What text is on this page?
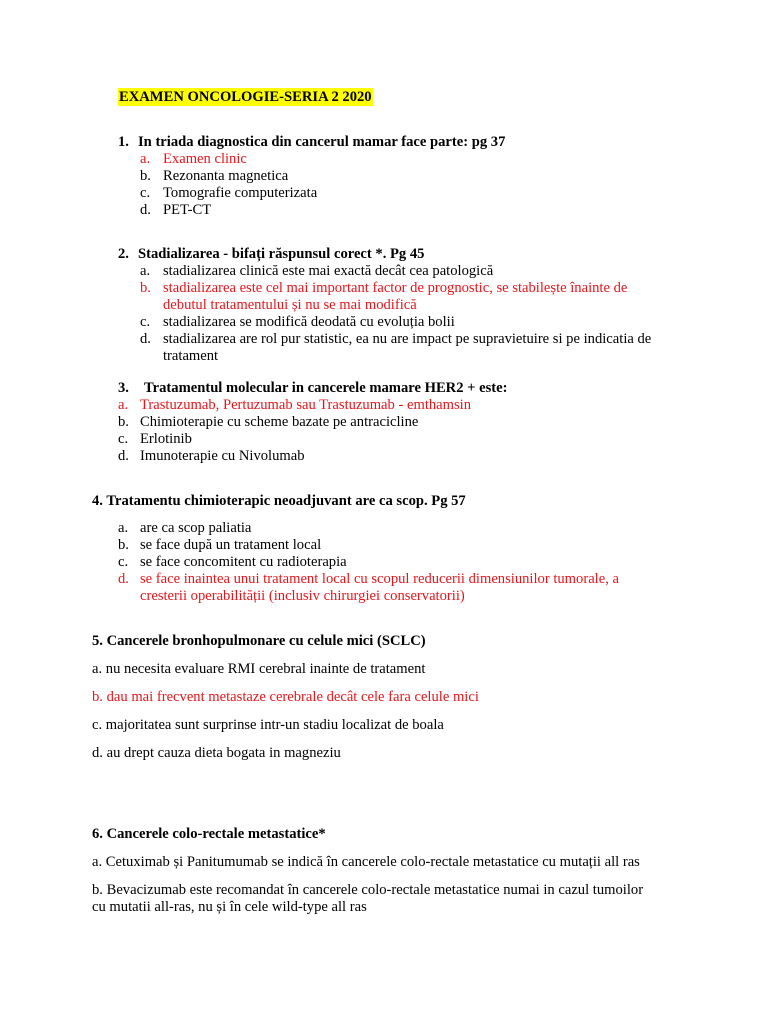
EXAMEN ONCOLOGIE-SERIA 2 2020
1. In triada diagnostica din cancerul mamar face parte: pg 37
a. Examen clinic
b. Rezonanta magnetica
c. Tomografie computerizata
d. PET-CT
2. Stadializarea - bifați răspunsul corect *. Pg 45
a. stadializarea clinică este mai exactă decât cea patologică
b. stadializarea este cel mai important factor de prognostic, se stabilește înainte de debutul tratamentului și nu se mai modifică
c. stadializarea se modifică deodată cu evoluția bolii
d. stadializarea are rol pur statistic, ea nu are impact pe supravietuire si pe indicatia de tratament
3.	Tratamentul molecular in cancerele mamare HER2 + este:
a. Trastuzumab, Pertuzumab sau Trastuzumab - emthamsin
b. Chimioterapie cu scheme bazate pe antracicline
c. Erlotinib
d. Imunoterapie cu Nivolumab
4. Tratamentu chimioterapic neoadjuvant are ca scop. Pg 57
a. are ca scop paliatia
b. se face după un tratament local
c. se face concomitent cu radioterapia
d. se face inaintea unui tratament local cu scopul reducerii dimensiunilor tumorale, a cresterii operabilității (inclusiv chirurgiei conservatorii)
5. Cancerele bronhopulmonare cu celule mici (SCLC)
a. nu necesita evaluare RMI cerebral inainte de tratament
b. dau mai frecvent metastaze cerebrale decât cele fara celule mici
c. majoritatea sunt surprinse intr-un stadiu localizat de boala
d. au drept cauza dieta bogata in magneziu
6. Cancerele colo-rectale metastatice*
a. Cetuximab și Panitumumab se indică în cancerele colo-rectale metastatice cu mutații all ras
b. Bevacizumab este recomandat în cancerele colo-rectale metastatice numai in cazul tumoilor cu mutatii all-ras, nu și în cele wild-type all ras
